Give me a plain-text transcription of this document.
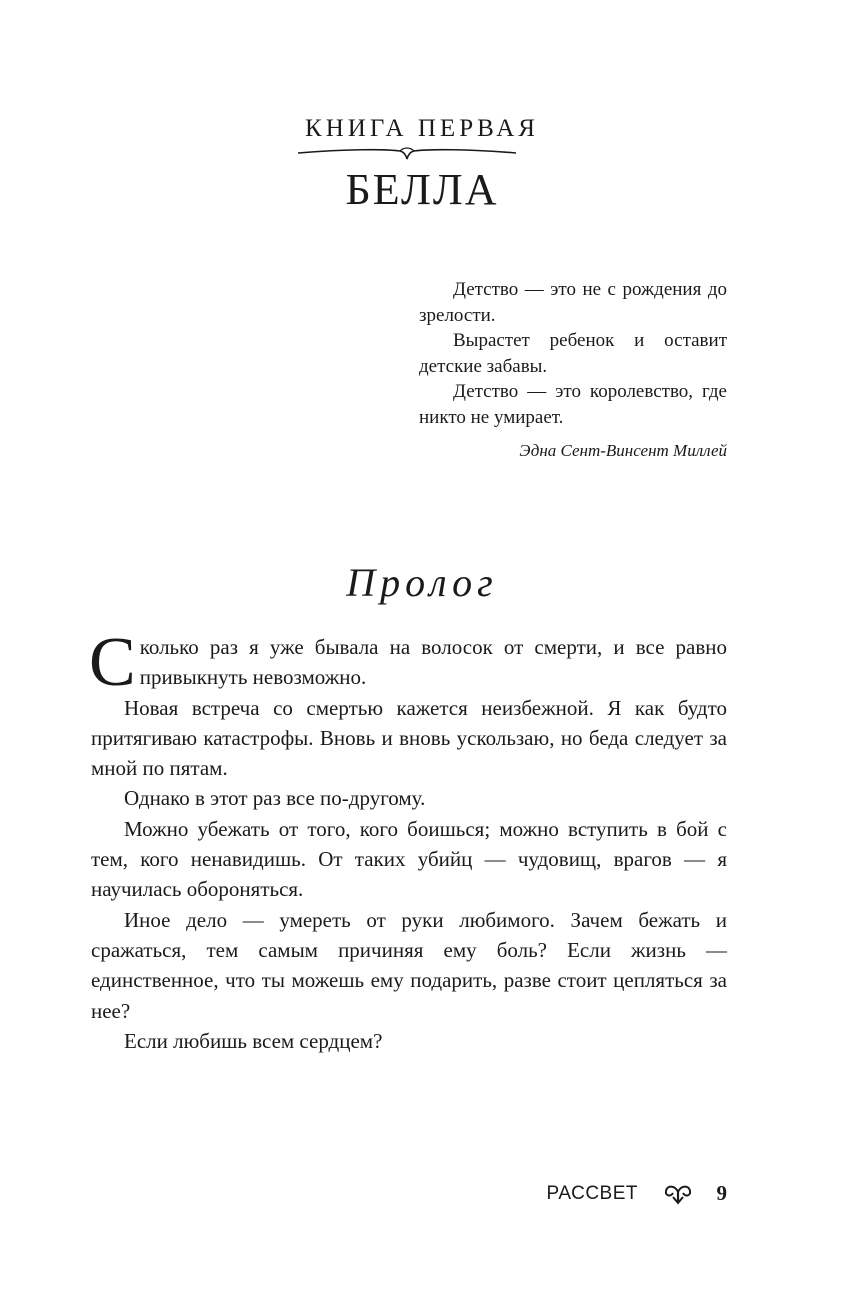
КНИГА ПЕРВАЯ
БЕЛЛА

Детство — это не с рождения до зрелости.

Вырастет ребенок и оставит детские забавы.

Детство — это королевство, где никто не умирает.

Эдна Сент-Винсент Миллей
Пролог

Сколько раз я уже бывала на волосок от смерти, и все равно привыкнуть невозможно.

Новая встреча со смертью кажется неизбежной. Я как будто притягиваю катастрофы. Вновь и вновь ускользаю, но беда следует за мной по пятам.

Однако в этот раз все по-другому.

Можно убежать от того, кого боишься; можно вступить в бой с тем, кого ненавидишь. От таких убийц — чудовищ, врагов — я научилась обороняться.

Иное дело — умереть от руки любимого. Зачем бежать и сражаться, тем самым причиняя ему боль? Если жизнь — единственное, что ты можешь ему подарить, разве стоит цепляться за нее?

Если любишь всем сердцем?

РАССВЕТ	9
